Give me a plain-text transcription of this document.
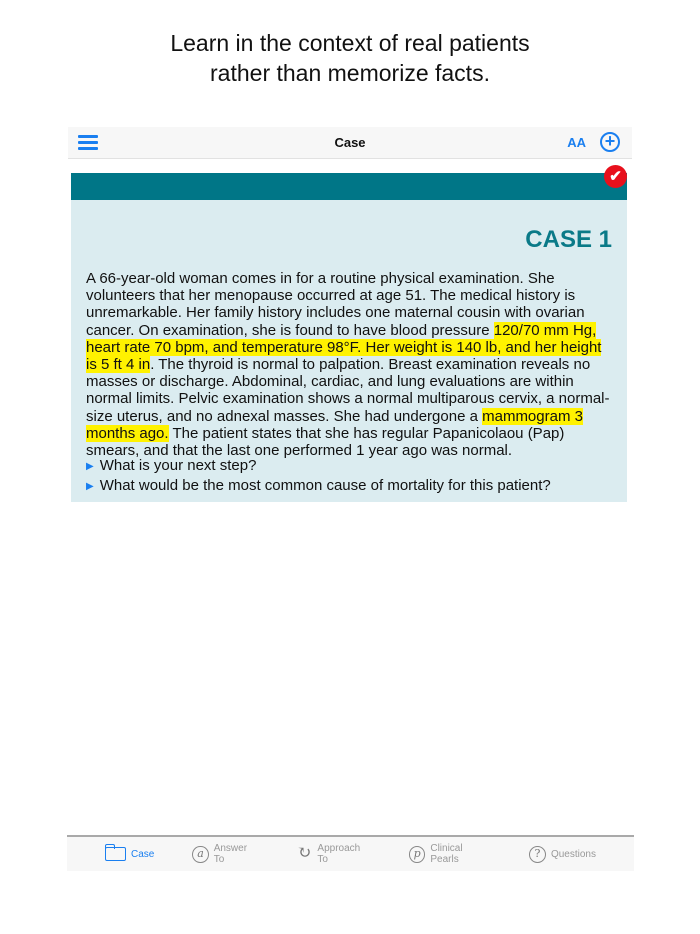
Learn in the context of real patients
rather than memorize facts.
Case	AA +
✔
CASE 1
A 66-year-old woman comes in for a routine physical examination. She volunteers that her menopause occurred at age 51. The medical history is unremarkable. Her family history includes one maternal cousin with ovarian cancer. On examination, she is found to have blood pressure 120/70 mm Hg, heart rate 70 bpm, and temperature 98°F. Her weight is 140 lb, and her height is 5 ft 4 in. The thyroid is normal to palpation. Breast examination reveals no masses or discharge. Abdominal, cardiac, and lung evaluations are within normal limits. Pelvic examination shows a normal multiparous cervix, a normal-size uterus, and no adnexal masses. She had undergone a mammogram 3 months ago. The patient states that she has regular Papanicolaou (Pap) smears, and that the last one performed 1 year ago was normal.
▶ What is your next step?
▶ What would be the most common cause of mortality for this patient?
Case	a Answer To	↻ Approach To	p Clinical Pearls	?	Questions
